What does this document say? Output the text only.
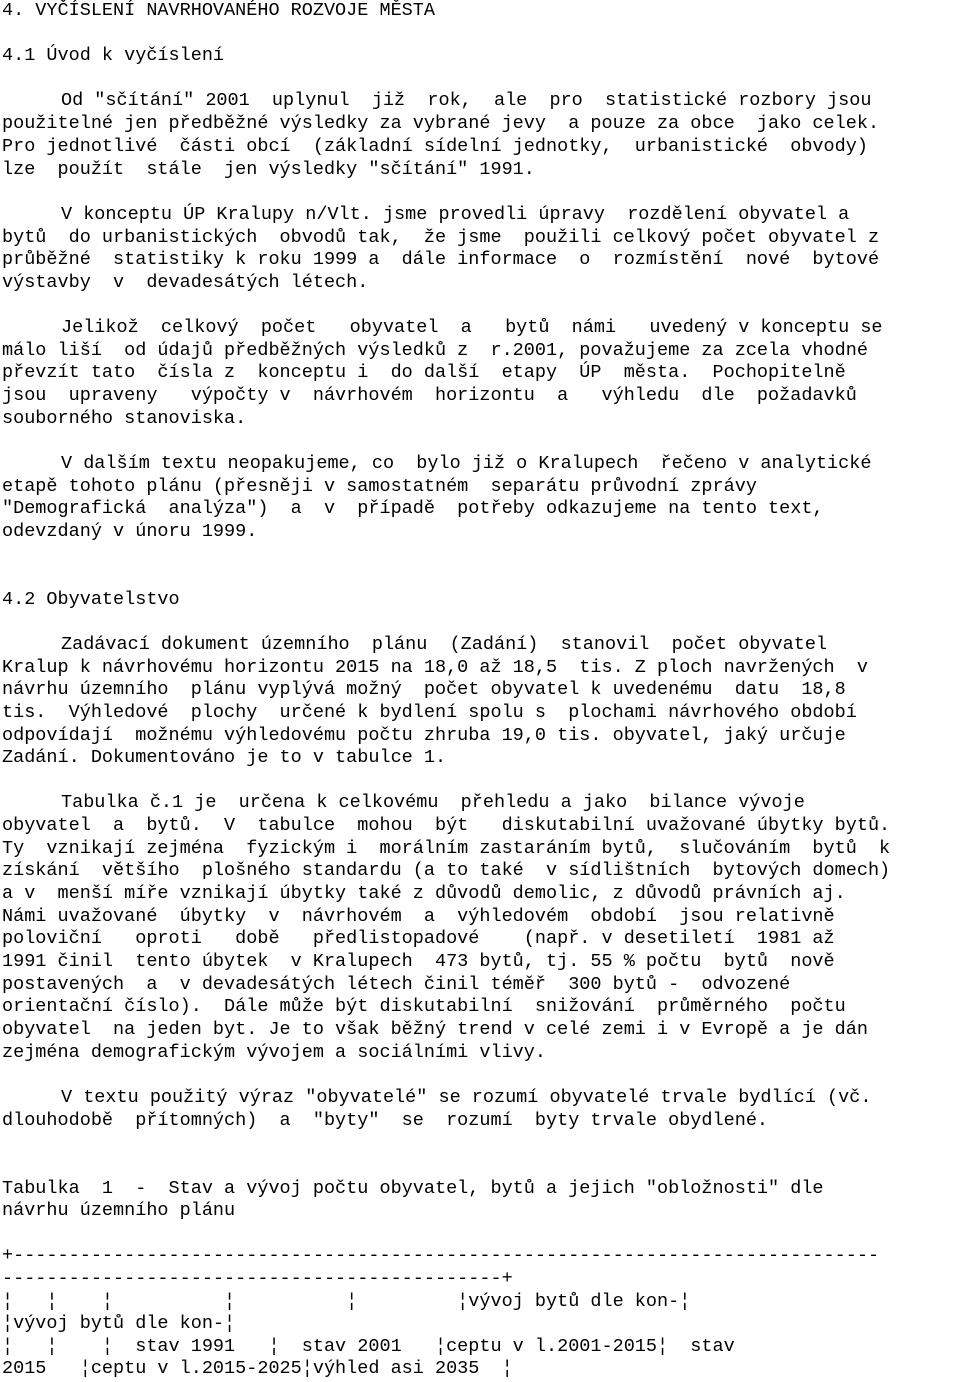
4. VYČÍSLENÍ NAVRHOVANÉHO ROZVOJE MĚSTA
4.1 Úvod k vyčíslení
Od "sčítání" 2001  uplynul  již  rok,  ale  pro  statistické rozbory jsou
použitelné jen předběžné výsledky za vybrané jevy  a pouze za obce  jako celek.
Pro jednotlivé  části obcí  (základní sídelní jednotky,  urbanistické  obvody)
lze  použít  stále  jen výsledky "sčítání" 1991.
V konceptu ÚP Kralupy n/Vlt. jsme provedli úpravy  rozdělení obyvatel a
bytů  do urbanistických  obvodů tak,  že jsme  použili celkový počet obyvatel z
průběžné  statistiky k roku 1999 a  dále informace  o  rozmístění  nové  bytové
výstavby  v  devadesátých létech.
Jelikož  celkový  počet   obyvatel  a   bytů  námi   uvedený v konceptu se
málo liší  od údajů předběžných výsledků z  r.2001, považujeme za zcela vhodné
převzít tato  čísla z  konceptu i  do další  etapy  ÚP  města.  Pochopitelně
jsou  upraveny   výpočty v  návrhovém  horizontu  a   výhledu  dle  požadavků
souborného stanoviska.
V dalším textu neopakujeme, co  bylo již o Kralupech  řečeno v analytické
etapě tohoto plánu (přesněji v samostatném  separátu průvodní zprávy
"Demografická  analýza")  a  v  případě  potřeby odkazujeme na tento text,
odevzdaný v únoru 1999.
4.2 Obyvatelstvo
Zadávací dokument územního  plánu  (Zadání)  stanovil  počet obyvatel
Kralup k návrhovému horizontu 2015 na 18,0 až 18,5  tis. Z ploch navržených  v
návrhu územního  plánu vyplývá možný  počet obyvatel k uvedenému  datu  18,8
tis.  Výhledové  plochy  určené k bydlení spolu s  plochami návrhového období
odpovídají  možnému výhledovému počtu zhruba 19,0 tis. obyvatel, jaký určuje
Zadání. Dokumentováno je to v tabulce 1.
Tabulka č.1 je  určena k celkovému  přehledu a jako  bilance vývoje
obyvatel  a  bytů.  V  tabulce  mohou  být   diskutabilní uvažované úbytky bytů.
Ty  vznikají zejména  fyzickým i  morálním zastaráním bytů,  slučováním  bytů  k
získání  většího  plošného standardu (a to také  v sídlištních  bytových domech)
a v  menší míře vznikají úbytky také z důvodů demolic, z důvodů právních aj.
Námi uvažované  úbytky  v  návrhovém  a  výhledovém  období  jsou relativně
poloviční   oproti   době   předlistopadové    (např. v desetiletí  1981 až
1991 činil  tento úbytek  v Kralupech  473 bytů, tj. 55 % počtu  bytů  nově
postavených  a  v devadesátých létech činil téměř  300 bytů -  odvozené
orientační číslo).  Dále může být diskutabilní  snižování  průměrného  počtu
obyvatel  na jeden byt. Je to však běžný trend v celé zemi i v Evropě a je dán
zejména demografickým vývojem a sociálními vlivy.
V textu použitý výraz "obyvatelé" se rozumí obyvatelé trvale bydlící (vč.
dlouhodobě  přítomných)  a  "byty"  se  rozumí  byty trvale obydlené.
Tabulka  1  -  Stav a vývoj počtu obyvatel, bytů a jejich "obložnosti" dle
návrhu územního plánu
+------------------------------------------------------------------------------
---------------------------------------------+
¦   ¦    ¦          ¦          ¦         ¦vývoj bytů dle kon-¦
¦vývoj bytů dle kon-¦
¦   ¦    ¦  stav 1991   ¦  stav 2001   ¦ceptu v l.2001-2015¦  stav
2015   ¦ceptu v l.2015-2025¦výhled asi 2035  ¦
